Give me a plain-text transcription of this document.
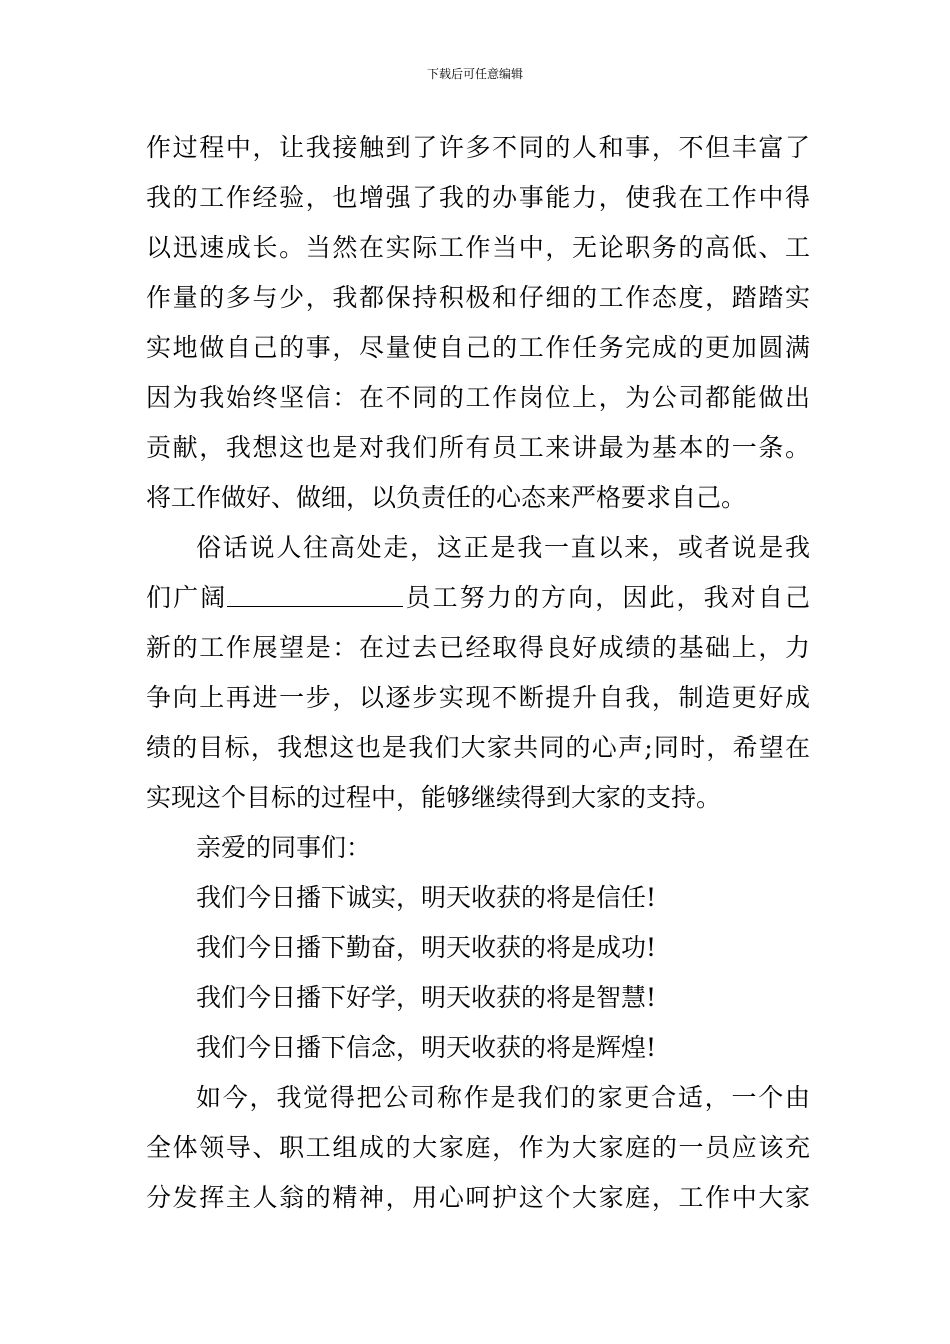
下载后可任意编辑
作过程中，让我接触到了许多不同的人和事，不但丰富了
我的工作经验，也增强了我的办事能力，使我在工作中得
以迅速成长。当然在实际工作当中，无论职务的高低、工
作量的多与少，我都保持积极和仔细的工作态度，踏踏实
实地做自己的事，尽量使自己的工作任务完成的更加圆满
因为我始终坚信：在不同的工作岗位上，为公司都能做出
贡献，我想这也是对我们所有员工来讲最为基本的一条。
将工作做好、做细，以负责任的心态来严格要求自己。
俗话说人往高处走，这正是我一直以来，或者说是我
们广阔	员工努力的方向，因此，我对自己
新的工作展望是：在过去已经取得良好成绩的基础上，力
争向上再进一步，以逐步实现不断提升自我，制造更好成
绩的目标，我想这也是我们大家共同的心声;同时，希望在
实现这个目标的过程中，能够继续得到大家的支持。
亲爱的同事们：
我们今日播下诚实，明天收获的将是信任!
我们今日播下勤奋，明天收获的将是成功!
我们今日播下好学，明天收获的将是智慧!
我们今日播下信念，明天收获的将是辉煌!
如今，我觉得把公司称作是我们的家更合适，一个由
全体领导、职工组成的大家庭，作为大家庭的一员应该充
分发挥主人翁的精神，用心呵护这个大家庭，工作中大家
